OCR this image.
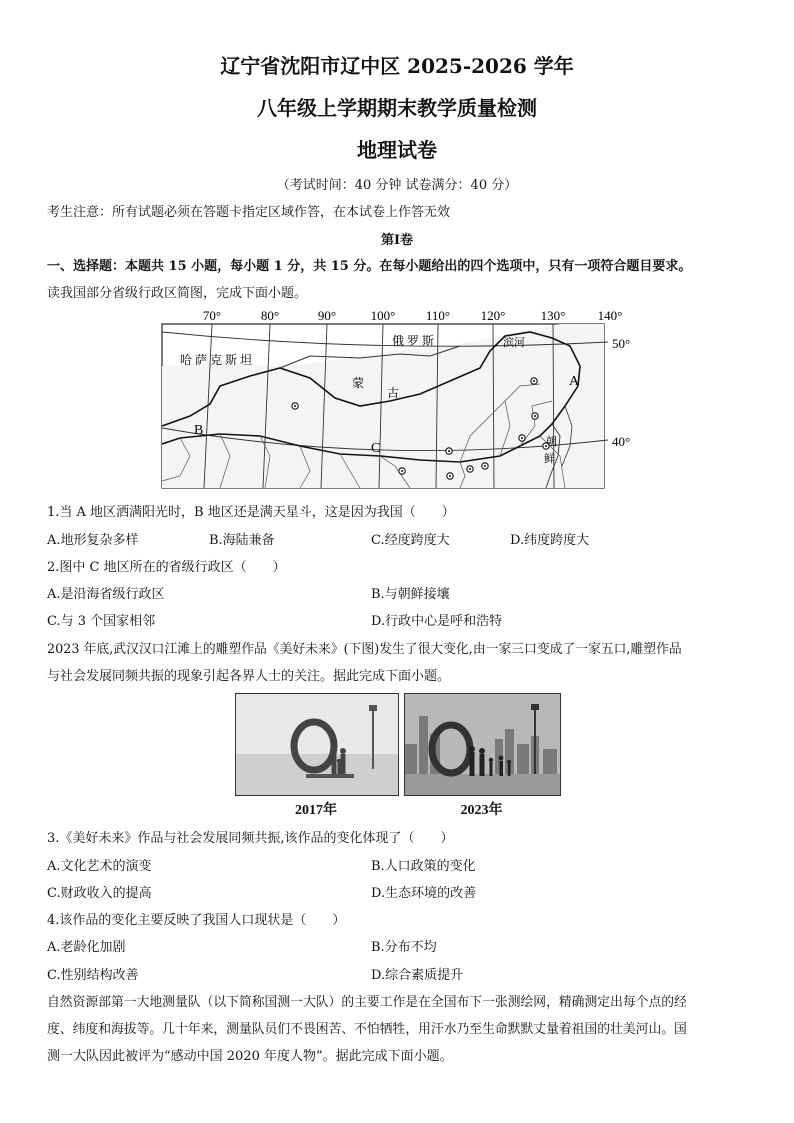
辽宁省沈阳市辽中区 2025-2026 学年
八年级上学期期末教学质量检测
地理试卷
（考试时间：40 分钟 试卷满分：40 分）
考生注意：所有试题必须在答题卡指定区域作答，在本试卷上作答无效
第Ⅰ卷
一、选择题：本题共 15 小题，每小题 1 分，共 15 分。在每小题给出的四个选项中，只有一项符合题目要求。
读我国部分省级行政区简图，完成下面小题。
70°	80°	90°	100° 110° 120°	130° 140°
哈 萨 克 斯 坦
俄 罗 斯
蒙
古
滨河
朝
鲜
A
B
C
50°
40°
1.当 A 地区洒满阳光时，B 地区还是满天星斗，这是因为我国（　　）
A.地形复杂多样	B.海陆兼备	C.经度跨度大	D.纬度跨度大
2.图中 C 地区所在的省级行政区（　　）
A.是沿海省级行政区	B.与朝鲜接壤
C.与 3 个国家相邻	D.行政中心是呼和浩特
2023 年底,武汉汉口江滩上的雕塑作品《美好未来》(下图)发生了很大变化,由一家三口变成了一家五口,雕塑作品
与社会发展同频共振的现象引起各界人士的关注。据此完成下面小题。
2017年	2023年
3.《美好未来》作品与社会发展同频共振,该作品的变化体现了（　　）
A.文化艺术的演变	B.人口政策的变化
C.财政收入的提高	D.生态环境的改善
4.该作品的变化主要反映了我国人口现状是（　　）
A.老龄化加剧	B.分布不均
C.性别结构改善	D.综合素质提升
自然资源部第一大地测量队（以下简称国测一大队）的主要工作是在全国布下一张测绘网，精确测定出每个点的经
度、纬度和海拔等。几十年来，测量队员们不畏困苦、不怕牺牲，用汗水乃至生命默默丈量着祖国的壮美河山。国
测一大队因此被评为“感动中国 2020 年度人物”。据此完成下面小题。
